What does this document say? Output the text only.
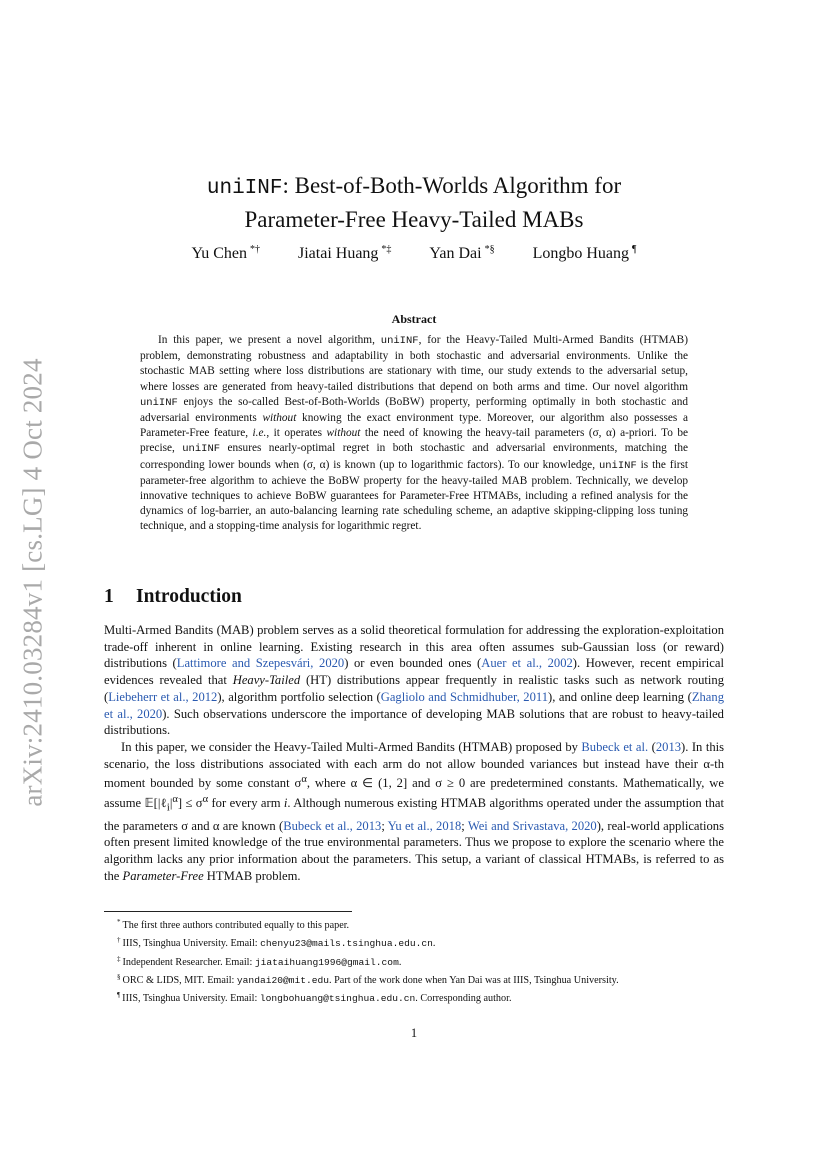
arXiv:2410.03284v1 [cs.LG] 4 Oct 2024
uniINF: Best-of-Both-Worlds Algorithm for
Parameter-Free Heavy-Tailed MABs
Yu Chen *† Jiatai Huang *‡ Yan Dai *§ Longbo Huang ¶
Abstract

In this paper, we present a novel algorithm, uniINF, for the Heavy-Tailed Multi-Armed Bandits (HTMAB) problem, demonstrating robustness and adaptability in both stochastic and adversarial environments. Unlike the stochastic MAB setting where loss distributions are stationary with time, our study extends to the adversarial setup, where losses are generated from heavy-tailed distributions that depend on both arms and time. Our novel algorithm uniINF enjoys the so-called Best-of-Both-Worlds (BoBW) property, performing optimally in both stochastic and adversarial environments without knowing the exact environment type. Moreover, our algorithm also possesses a Parameter-Free feature, i.e., it operates without the need of knowing the heavy-tail parameters (σ, α) a-priori. To be precise, uniINF ensures nearly-optimal regret in both stochastic and adversarial environments, matching the corresponding lower bounds when (σ, α) is known (up to logarithmic factors). To our knowledge, uniINF is the first parameter-free algorithm to achieve the BoBW property for the heavy-tailed MAB problem. Technically, we develop innovative techniques to achieve BoBW guarantees for Parameter-Free HTMABs, including a refined analysis for the dynamics of log-barrier, an auto-balancing learning rate scheduling scheme, an adaptive skipping-clipping loss tuning technique, and a stopping-time analysis for logarithmic regret.

1 Introduction

Multi-Armed Bandits (MAB) problem serves as a solid theoretical formulation for addressing the exploration-exploitation trade-off inherent in online learning. Existing research in this area often assumes sub-Gaussian loss (or reward) distributions (Lattimore and Szepesvári, 2020) or even bounded ones (Auer et al., 2002). However, recent empirical evidences revealed that Heavy-Tailed (HT) distributions appear frequently in realistic tasks such as network routing (Liebeherr et al., 2012), algorithm portfolio selection (Gagliolo and Schmidhuber, 2011), and online deep learning (Zhang et al., 2020). Such observations underscore the importance of developing MAB solutions that are robust to heavy-tailed distributions.

In this paper, we consider the Heavy-Tailed Multi-Armed Bandits (HTMAB) proposed by Bubeck et al. (2013). In this scenario, the loss distributions associated with each arm do not allow bounded variances but instead have their α-th moment bounded by some constant $\sigma^\alpha$, where α ∈ (1, 2] and σ ≥ 0 are predetermined constants. Mathematically, we assume $𝔼[|\ell_i|^\alpha] \le \sigma^\alpha$ for every arm i. Although numerous existing HTMAB algorithms operated under the assumption that the parameters σ and α are known (Bubeck et al., 2013; Yu et al., 2018; Wei and Srivastava, 2020), real-world applications often present limited knowledge of the true environmental parameters. Thus we propose to explore the scenario where the algorithm lacks any prior information about the parameters. This setup, a variant of classical HTMABs, is referred to as the Parameter-Free HTMAB problem.

* The first three authors contributed equally to this paper.
† IIIS, Tsinghua University. Email: chenyu23@mails.tsinghua.edu.cn.
‡ Independent Researcher. Email: jiataihuang1996@gmail.com.
§ ORC & LIDS, MIT. Email: yandai20@mit.edu. Part of the work done when Yan Dai was at IIIS, Tsinghua University.
¶ IIIS, Tsinghua University. Email: longbohuang@tsinghua.edu.cn. Corresponding author.
1
